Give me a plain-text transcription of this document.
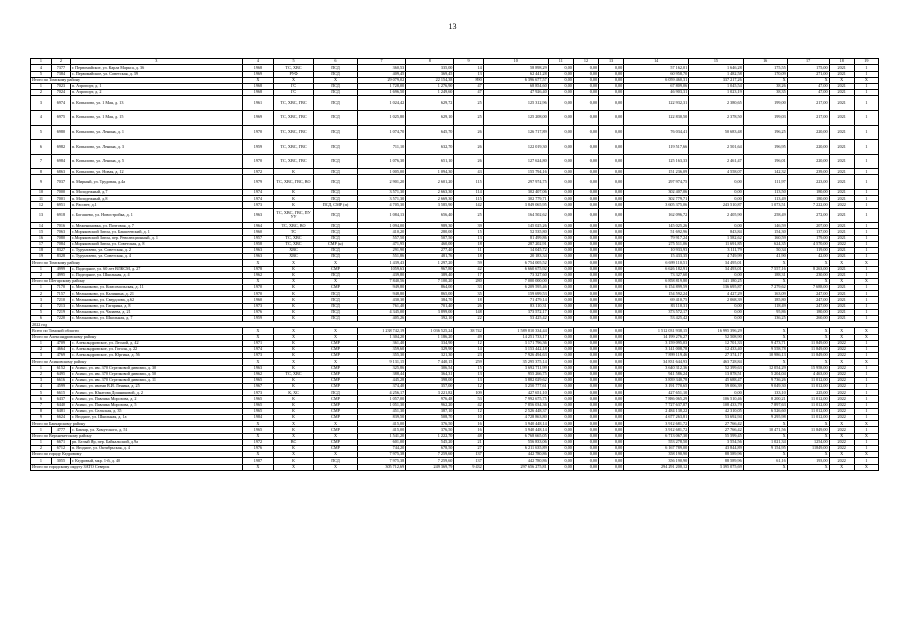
13
1	2	3	4	5	6	7	8	9	10	11	12	13	14	15	16	17	18	19
4	7377	г. Первомайское, ул. Карла Маркса, д. 36	1968	ТС, ХВС	ПСД	360,53	335,00	14	58 898,29	0,00	0,00	0,00	57 162,01	1 646,28	175,55	175,00	2021	1
5	7384	с. Первомайское, ул. Советская, д. 39	1969	РУФ	ПСД	409,45	369,45	13	62 441,28	0,00	0,00	0,00	60 958,70	1 482,58	170,09	271,00	2021	1
Итого по Томскому району			X	X	X	29 079,02	22 154,38	890	6 396 677,57	0,00	0,00	0,00	6 059 460,31	337 217,26	X	X	X	X
1	7023	п. Аэропорт, д. 1	1968	ГС	ПСД	1 728,00	1 276,90	47	68 854,60	0,00	0,00	0,00	67 809,06	1 045,54	38,26	47,00	2021	1
2	7024	п. Аэропорт, д. 2	1968	ГС	ПСД	1 696,50	1 249,60	47	47 926,40	0,00	0,00	0,00	46 903,31	1 023,19	38,35	47,00	2021	1
3	6974	п. Копылово, ул. 1 Мая, д. 13	1961	ТС, ХВС, ГВС	ПСД	1 024,42	629,72	25	125 312,96	0,00	0,00	0,00	122 932,31	2 380,65	199,00	217,00	2021	1
4	6975	п. Копылово, ул. 1 Мая, д. 15	1969	ТС, ХВС, ГВС	ПСД	1 025,80	629,10	25	125 208,00	0,00	0,00	0,00	122 830,50	2 378,50	199,03	217,00	2021	1
5	6980	п. Копылово, ул. Ленина, д. 1	1970	ТС, ХВС, ГВС	ПСД	1 074,70	645,70	26	126 717,89	0,00	0,00	0,00	76 034,41	50 683,48	196,25	220,00	2021	1
6	6982	п. Копылово, ул. Ленина, д. 3	1959	ТС, ХВС, ГВС	ПСД	711,10	632,70	26	122 019,30	0,00	0,00	0,00	119 517,66	2 501,64	196,95	220,00	2021	1
7	6984	п. Копылово, ул. Ленина, д. 5	1970	ТС, ХВС, ГВС	ПСД	1 076,30	651,10	26	127 624,80	0,00	0,00	0,00	125 163,33	2 461,47	196,01	220,00	2021	1
8	6863	п. Копылово, ул. Новая, д. 12	1972	К	ПСД	1 005,00	1 094,30	43	155 794,16	0,00	0,00	0,00	151 236,09	4 558,07	142,32	239,00	2021	1
9	7037	п. Мирный, ул. Трудовая, д.4а	1979	ТС, ХВС, ГВС, ВО	ПСД	2 901,20	2 601,20	115	297 974,75	0,00	0,00	0,00	297 974,75	0,00	111,97	223,00	2021	1
10	7000	п. Молодежный, д.7	1974	К	ПСД	3 571,30	2 663,30	114	302 407,06	0,00	0,00	0,00	302 407,06	0,00	113,50	180,00	2021	1
11	7001	п. Молодежный, д.8	1974	К	ПСД	3 571,30	2 669,30	115	302 779,71	0,00	0,00	0,00	302 779,71	0,00	113,49	180,00	2021	1
12	6951	п. Рассвет, д.1	1973	К	ПСД, СМР (п)	4 705,30	3 585,90	142	3 849 065,95	0,00	0,00	0,00	3 605 375,06	243 510,87	1 073,51	7 222,00	2022	1
13	6918	с. Богашево, ул. Новостройка, д. 1	1963	ТС, ХВС, ГВС, ПУ УУ	ПСД	1 084,13	656,40	25	164 502,62	0,00	0,00	0,00	162 096,72	2 405,90	258,49	272,00	2021	1
14	7016	с. Межениновка, ул. Почтовая, д. 7	1964	ТС, ХВС, ВО	ПСД	1 094,00	989,30	39	145 025,26	0,00	0,00	0,00	145 025,26	0,00	146,59	207,00	2021	1
15	7063	с.Моряковский Затон, ул. Бакшеевский, д. 1	1960	ТС	ПСД	410,20	280,00	15	52 535,80	0,00	0,00	0,00	51 692,96	843,84	154,30	137,00	2021	1
16	7080	с.Моряковский Затон, пер. Революционный, д. 1	1957	ТС, ХВС	ПСД	557,50	507,50	13	81 499,86	0,00	0,00	0,00	79 917,24	1 582,62	160,59	179,00	2021	1
17	7084	с.Моряковский Затон, ул. Советская, д. 8	1958	ТС, ХВС	СМР (н)	471,95	460,00	18	287 202,91	0,00	0,00	0,00	275 511,06	11 691,85	624,35	4 570,00	2022	1
18	8327	с. Турунтаево, ул. Советская, д. 2	1963	ХВС	ПСД	291,90	277,40	11	14 045,72	0,00	0,00	0,00	10 933,93	3 111,79	50,34	119,00	2021	1
19	8328	с. Турунтаево, ул. Советская, д. 4	1963	ХВС	ПСД	551,86	481,76	18	20 183,34	0,00	0,00	0,00	15 433,35	4 749,99	41,90	42,00	2021	1
Итого по Томскому району			X	X	X	1 439,43	1 297,20	59	6 754 005,52	0,00	0,00	0,00	6 699 110,51	34 495,01	X	X	X	X
1	4999	с. Подгорное, ул. 60 лет ВЛКСМ, д. 27	1978	К	СМР	1059,63	967,80	42	6 660 675,92	0,00	0,00	0,00	6 626 182,91	34 493,01	7 557,16	8 263,00	2021	1
2	4995	с. Подгорное, ул. Школьная, д. 4	1962	К	ПСД	439,80	389,40	17	73 327,60	0,00	0,00	0,00	73 327,60	0,00	188,31	230,00	2021	1
Итого по Шегарскому району			X	X	X	7 840,56	7 100,20	280	7 000 000,00	0,00	0,00	0,00	6 858 819,80	141 180,25	X	X	X	X
1	7170	с. Мельниково, ул. Комсомольская, д. 11	1970	К	СМР	949,80	864,00	33	6 209 595,46	0,00	0,00	0,00	6 154 899,59	136 695,87	7 279,62	7 688,00	2021	1
2	7157	с. Мельниково, ул. Калинина, д. 21	1970	К	ПСД	948,80	865,00	35	159 699,53	0,00	0,00	0,00	154 592,24	4 427,29	163,09	247,00	2021	1
3	7210	с. Мельниково, ул. Свердлова, д.62	1960	К	ПСД	430,30	384,70	18	71 479,14	0,00	0,00	0,00	69 410,75	2 068,39	185,80	247,00	2021	1
4	7213	с. Мельниково, ул. Гагарина, д. 8	1973	К	ПСД	761,40	701,40	26	83 110,31	0,00	0,00	0,00	83 110,31	0,00	118,49	247,00	2021	1
5	7219	с. Мельниково, ул. Чапаева, д. 21	1976	К	ПСД	4 345,00	3 899,00	148	373 572,17	0,00	0,00	0,00	373 572,17	0,00	95,86	180,00	2021	1
6	7220	с. Мельниково, ул. Школьная, д. 7	1959	К	ПСД	405,26	392,10	22	53 425,42	0,00	0,00	0,00	53 425,42	0,00	136,25	260,00	2021	1
2022 год																		
Всего по Томской области			X	X	X	1 238 742,19	1 036 525,24	38 742	1 589 810 334,44	0,00	0,00	0,00	1 512 031 938,15	16 995 396,29	X	X	X	X
Итого по Александровскому району			X	X	X	1 304,20	1 186,20	49	14 251 733,17	0,00	0,00	0,00	14 199 276,27	52 508,90	X	X	X	X
1	4709	с. Александровское, ул. Лесной, д. 42	1971	К	СМР	361,40	334,90	12	3 171 796,36	0,00	0,00	0,00	3 159 095,03	12 701,33	9 473,71	11 849,00	2022	1
2	4664	с. Александровское, ул. Гоголя, д. 22	1974	К	СМР	359,60	329,90	14	3 153 442,18	0,00	0,00	0,00	3 141 008,78	12 433,40	9 558,78	11 849,00	2022	1
3	4769	с. Александровское, ул. Юргина, д. 56	1973	К	СМР	355,30	321,30	23	7 926 494,63	0,00	0,00	0,00	7 899 119,46	27 374,17	10 986,13	11 849,00	2022	1
Итого по Асиновскому району			X	X	X	9 131,15	7 440,15	259	35 295 375,14	0,00	0,00	0,00	34 831 644,93	463 728,84	X	X	X	X
1	6152	г. Асино, ул. им. 370 Стрелковой дивизии, д. 30	1963	К	СМР	325,86	306,54	15	3 692 711,99	0,00	0,00	0,00	3 640 312,36	52 399,63	12 054,29	15 958,00	2022	1
2	6495	г. Асино, ул. им. 370 Стрелковой дивизии, д. 50	1962	ТС, ХВС	СМР	388,44	364,31	13	955 266,75	0,00	0,00	0,00	941 586,24	13 878,51	5 204,04	4 463,00	2022	1
3	6616	г. Асино, ул. им. 370 Стрелковой дивизии, д. 11	1965	К	СМР	445,28	398,00	13	3 882 029,62	0,00	0,00	0,00	3 839 340,78	45 688,47	9 736,26	11 012,00	2022	1
4	4599	г. Асино, ул. имени В.И. Ленина, д. 25	1967	К	СМР	374,40	357,00	12	3 250 777,61	0,00	0,00	0,00	3 191 770,65	59 006,39	9 049,30	11 012,00	2022	1
5	6615	г. Асино, ул. Юнатова Дошниковой, д. 2	1973	К, ХС	ПСД	4 256,17	3 221,82	109	427 651,10	0,00	0,00	0,00	427 651,10	0,00	133,10	225,00	2022	1
6	6437	г. Асино, ул. Павлика Морозова, д. 2	1965	К	СМР	1 057,00	976,48	53	7 992 675,75	0,00	0,00	0,00	7 886 065,29	106 510,46	8 200,21	11 012,00	2022	1
7	6440	г. Асино, ул. Павлика Морозова, д. 5	1965	К	СМР	1 051,30	962,20	42	7 856 034,36	0,00	0,00	0,00	7 727 637,87	108 433,79	7 897,63	11 012,00	2022	1
8	6481	г. Асино, ул. Сельская, д. 35	1965	К	СМР	451,30	387,10	12	2 526 448,37	0,00	0,00	0,00	2 484 138,22	42 310,05	6 526,60	11 012,00	2022	1
9	6624	г. Ягодное, ул. Школьная, д. 1а	1984	К	СМР	839,50	508,70	10	4 728 863,80	0,00	0,00	0,00	4 677 263,81	53 692,94	9 295,98	11 012,00	2022	1
Итого по Бакчарскому району			X	X	X	415,00	376,50	16	3 940 448,14	0,00	0,00	0,00	3 912 681,72	27 766,42	X	X	X	X
1	4777	с. Бакчар, ул. Хомутского, д. 51	1965	К	СМР	415,00	376,50	16	3 940 448,14	0,00	0,00	0,00	3 912 681,72	27 766,42	10 471,56	11 849,00	2022	1
Итого по Верхнекетскому району			X	X	X	1 541,20	1 222,70	48	6 768 665,05	0,00	0,00	0,00	6 713 067,30	55 599,45	X	X	X	X
1	6671	рп. Белый Яр, пер. Байкальский, д.9а	1972	ВС	СМР	601,00	545,20	21	556 833,06	0,00	0,00	0,00	553 278,50	3 554,56	1 021,34	1254,00	2022	1
2	6712	п. Ягодное, ул. Октябрьская, д. 4	1976	К	СМР	744,20	678,50	27	6 211 635,89	0,00	0,00	0,00	6 167 789,00	43 844,89	9 154,95	11849,00	2022	1
Итого по городу Кедровому			X	X	X	7 975,38	7 259,60	137	442 780,86	0,00	0,00	0,00	358 190,90	88 589,96	X	X	X	X
1	3055	г. Кедровый, мкр. 1-й, д. 40	1987	К	ПСД	7 975,38	7 259,60	137	442 780,86	0,00	0,00	0,00	356 190,90	88 589,96	61,16	193,00	2022	1
Итого по городскому округу ЗАТО Северск			X	X	X	305 712,69	249 369,79	9 432	297 656 275,81	0,00	0,00	0,00	294 291 200,12	3 395 075,69	X	X	X	X
